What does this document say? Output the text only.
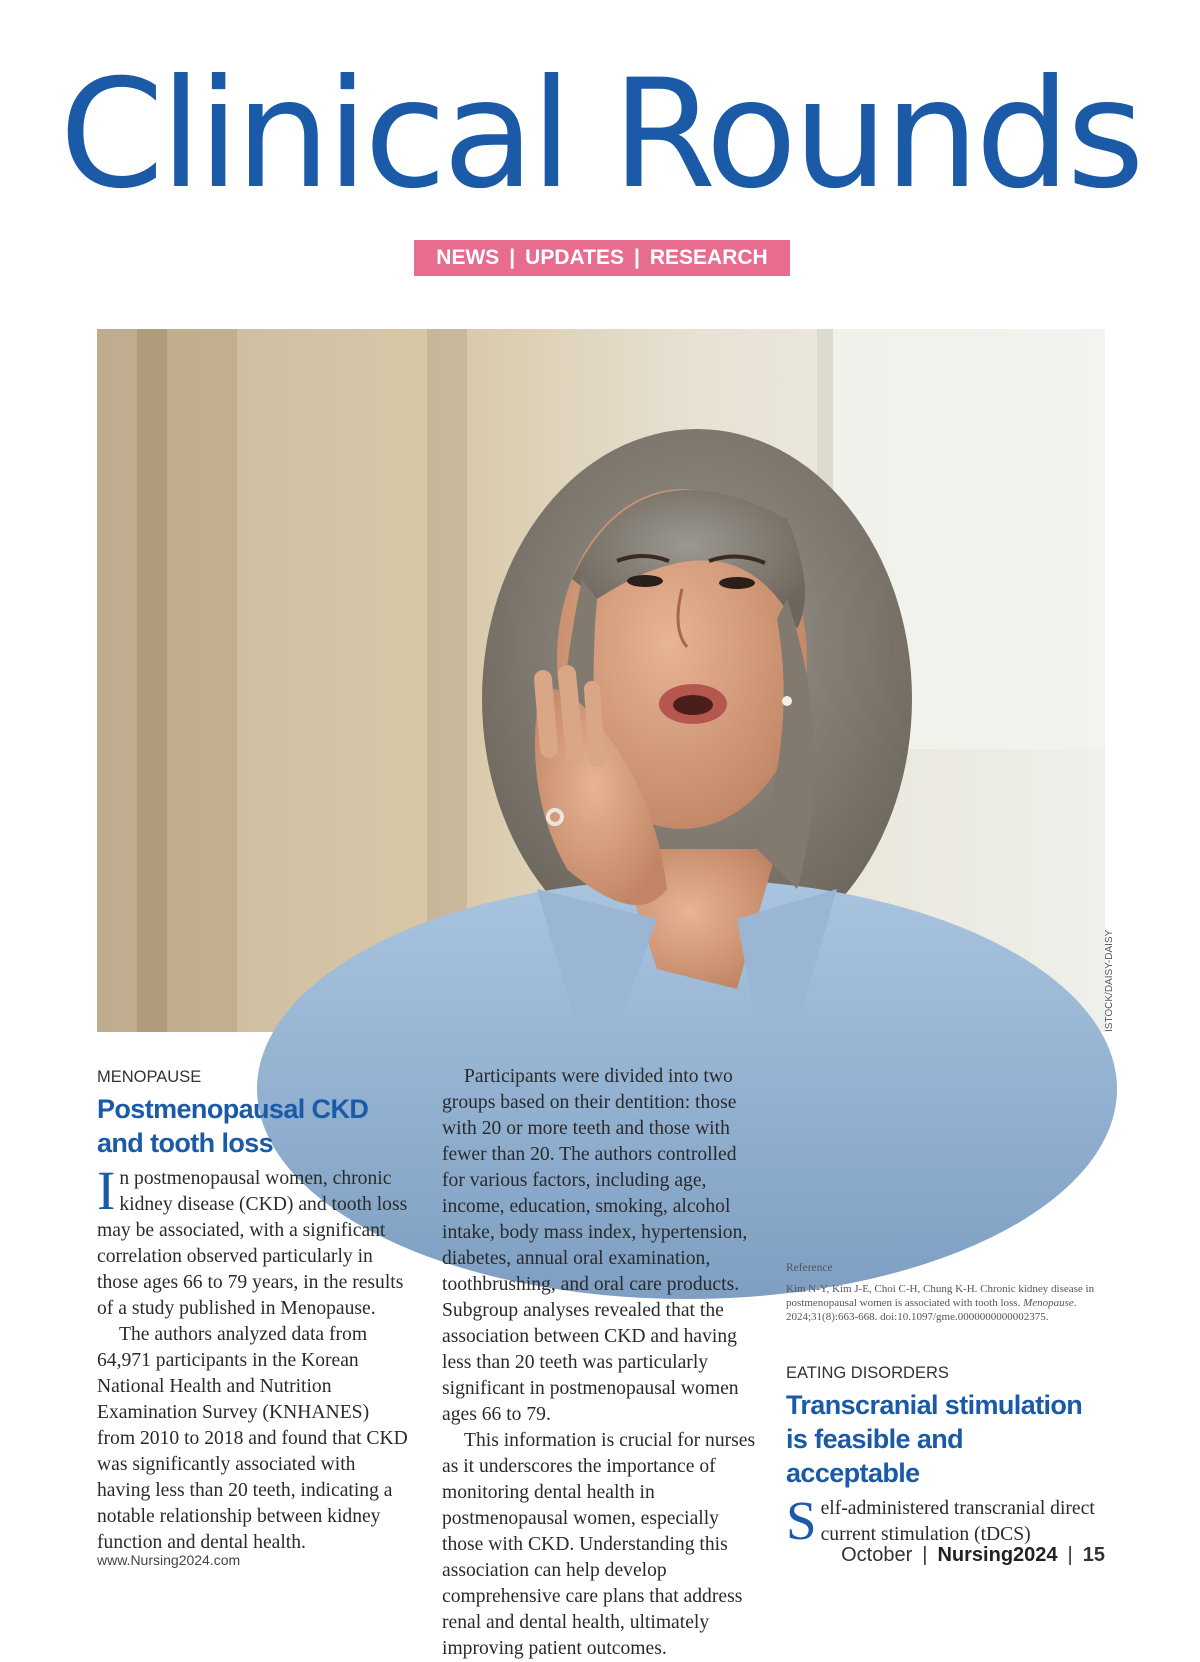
Clinical Rounds
NEWS | UPDATES | RESEARCH
ISTOCK/DAISY-DAISY
MENOPAUSE
Postmenopausal CKD and tooth loss

In postmenopausal women, chronic kidney disease (CKD) and tooth loss may be associated, with a significant correlation observed particularly in those ages 66 to 79 years, in the results of a study published in Menopause.

The authors analyzed data from 64,971 participants in the Korean National Health and Nutrition Examination Survey (KNHANES) from 2010 to 2018 and found that CKD was significantly associated with having less than 20 teeth, indicating a notable relationship between kidney function and dental health.

Participants were divided into two groups based on their dentition: those with 20 or more teeth and those with fewer than 20. The authors controlled for various factors, including age, income, education, smoking, alcohol intake, body mass index, hypertension, diabetes, annual oral examination, toothbrushing, and oral care products. Subgroup analyses revealed that the association between CKD and having less than 20 teeth was particularly significant in postmenopausal women ages 66 to 79.

This information is crucial for nurses as it underscores the importance of monitoring dental health in postmenopausal women, especially those with CKD. Understanding this association can help develop comprehensive care plans that address renal and dental health, ultimately improving patient outcomes.

Reference
Kim N-Y, Kim J-E, Choi C-H, Chung K-H. Chronic kidney disease in postmenopausal women is associated with tooth loss. Menopause. 2024;31(8):663-668. doi:10.1097/gme.0000000000002375.
EATING DISORDERS
Transcranial stimulation is feasible and acceptable

Self-administered transcranial direct current stimulation (tDCS)

www.Nursing2024.com	October | Nursing2024 | 15
